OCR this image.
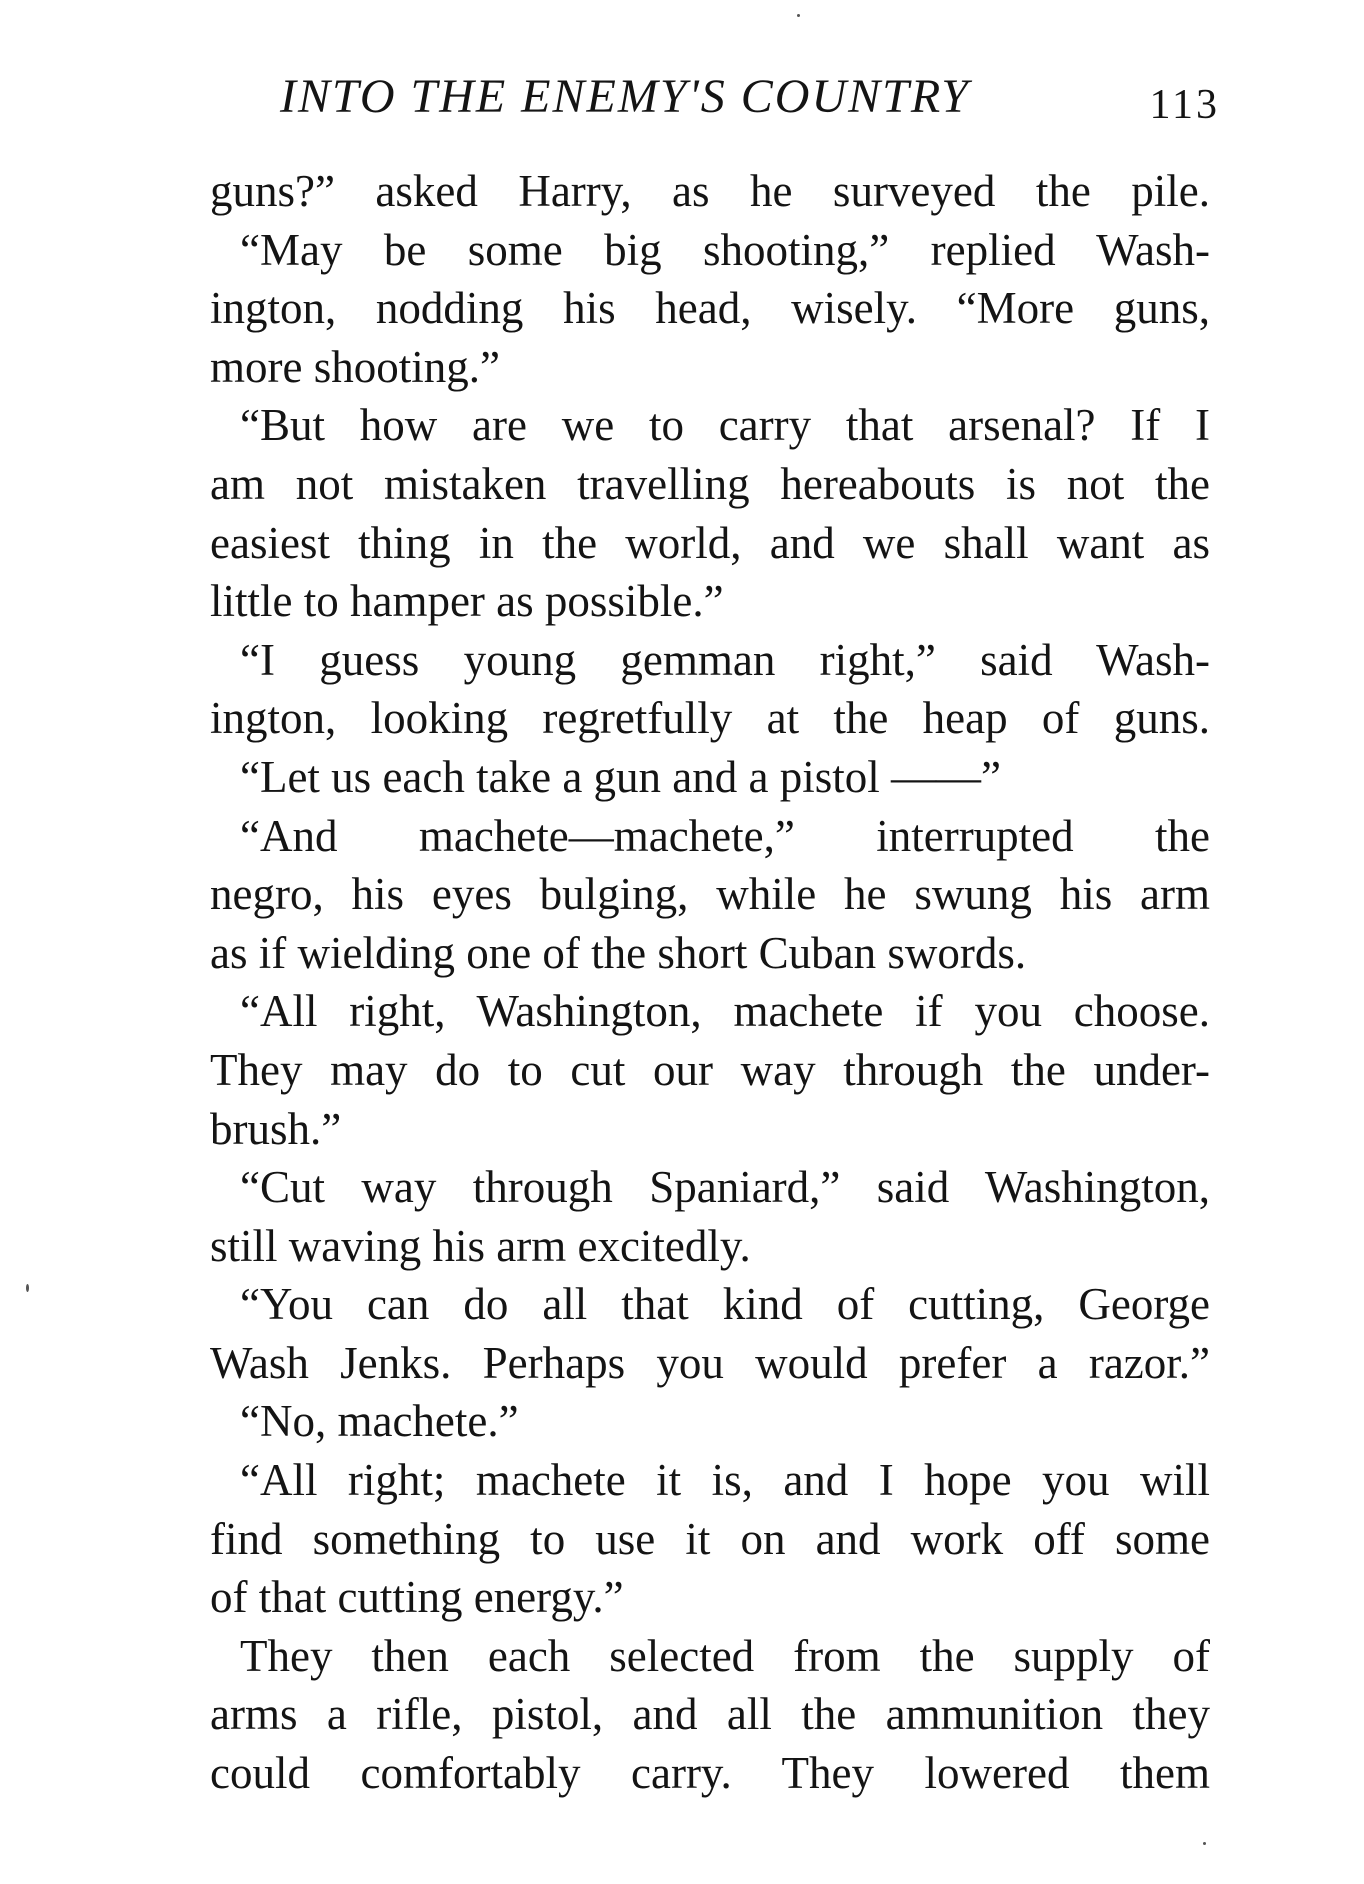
INTO THE ENEMY'S COUNTRY	113
guns?” asked Harry, as he surveyed the pile.
“May be some big shooting,” replied Wash-
ington, nodding his head, wisely. “More guns,
more shooting.”
“But how are we to carry that arsenal? If I
am not mistaken travelling hereabouts is not the
easiest thing in the world, and we shall want as
little to hamper as possible.”
“I guess young gemman right,” said Wash-
ington, looking regretfully at the heap of guns.
“Let us each take a gun and a pistol ——”
“And machete—machete,” interrupted the
negro, his eyes bulging, while he swung his arm
as if wielding one of the short Cuban swords.
“All right, Washington, machete if you choose.
They may do to cut our way through the under-
brush.”
“Cut way through Spaniard,” said Washington,
still waving his arm excitedly.
“You can do all that kind of cutting, George
Wash Jenks. Perhaps you would prefer a razor.”
“No, machete.”
“All right; machete it is, and I hope you will
find something to use it on and work off some
of that cutting energy.”
They then each selected from the supply of
arms a rifle, pistol, and all the ammunition they
could comfortably carry. They lowered them
